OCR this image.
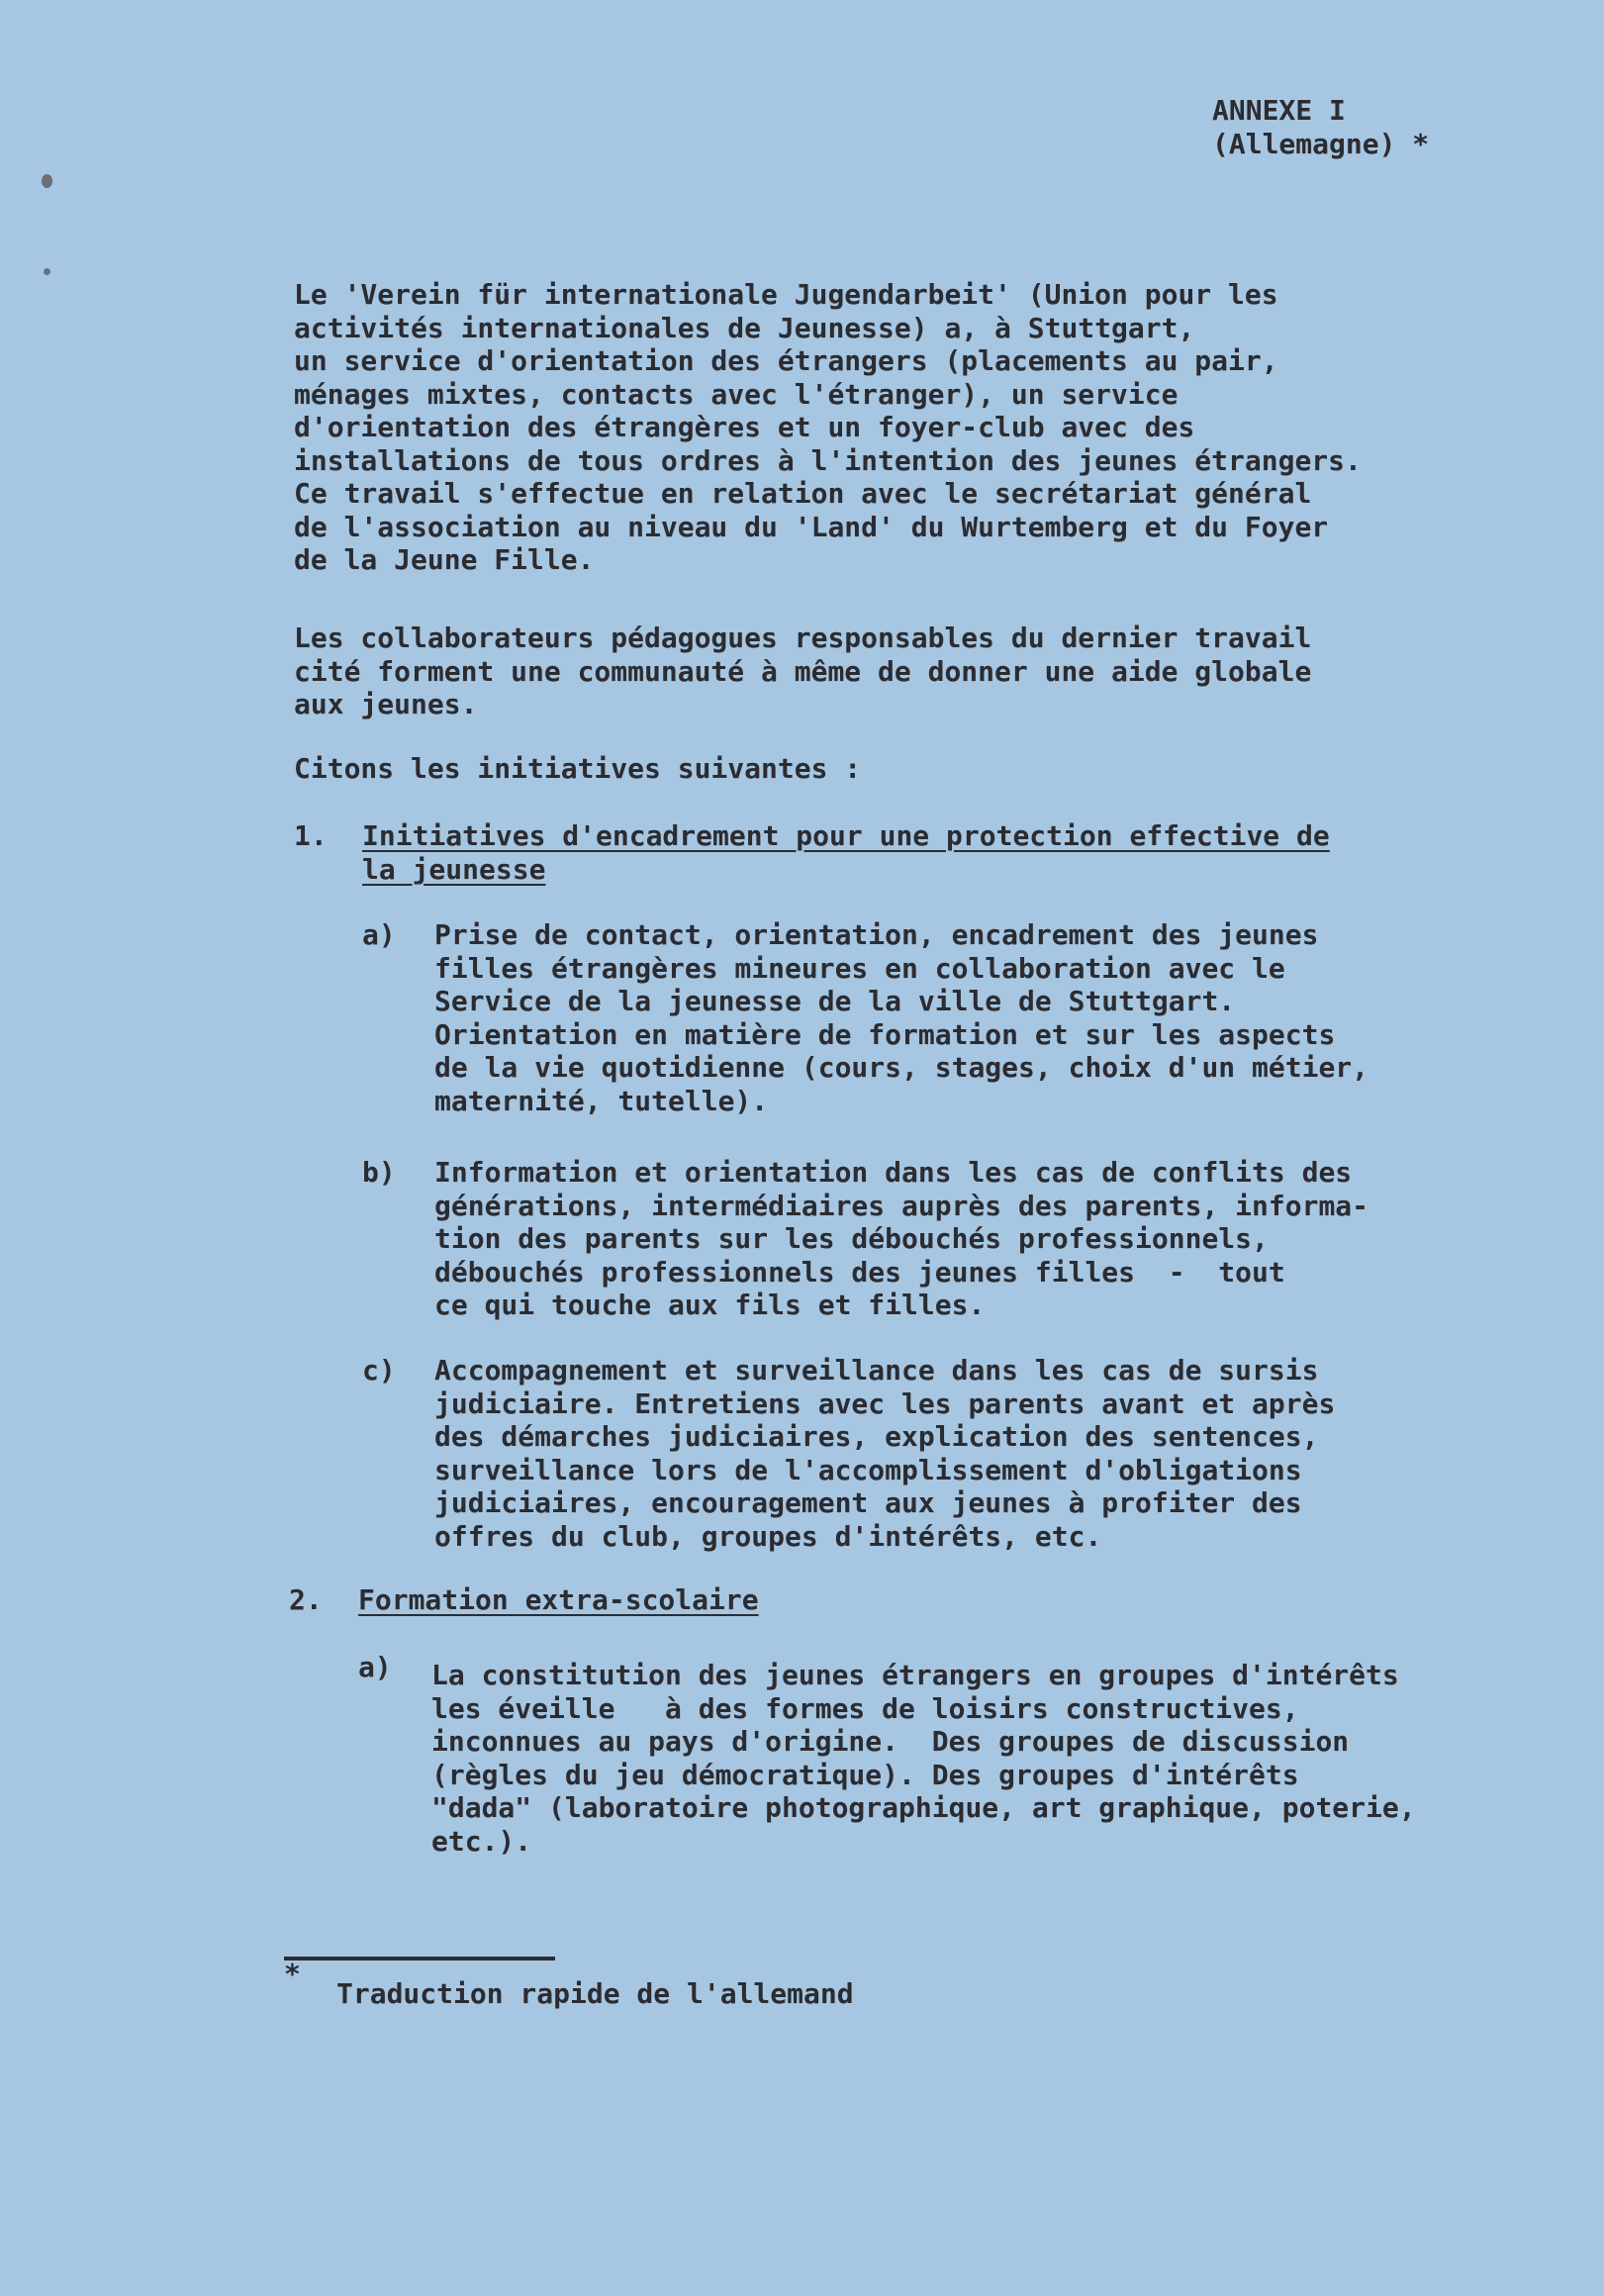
ANNEXE I
(Allemagne) *
Le 'Verein für internationale Jugendarbeit' (Union pour les
activités internationales de Jeunesse) a, à Stuttgart,
un service d'orientation des étrangers (placements au pair,
ménages mixtes, contacts avec l'étranger), un service
d'orientation des étrangères et un foyer-club avec des
installations de tous ordres à l'intention des jeunes étrangers.
Ce travail s'effectue en relation avec le secrétariat général
de l'association au niveau du 'Land' du Wurtemberg et du Foyer
de la Jeune Fille.
Les collaborateurs pédagogues responsables du dernier travail
cité forment une communauté à même de donner une aide globale
aux jeunes.
Citons les initiatives suivantes :
1. Initiatives d'encadrement pour une protection effective de
la jeunesse
a) Prise de contact, orientation, encadrement des jeunes
filles étrangères mineures en collaboration avec le
Service de la jeunesse de la ville de Stuttgart.
Orientation en matière de formation et sur les aspects
de la vie quotidienne (cours, stages, choix d'un métier,
maternité, tutelle).
b) Information et orientation dans les cas de conflits des
générations, intermédiaires auprès des parents, informa-
tion des parents sur les débouchés professionnels,
débouchés professionnels des jeunes filles  -  tout
ce qui touche aux fils et filles.
c) Accompagnement et surveillance dans les cas de sursis
judiciaire. Entretiens avec les parents avant et après
des démarches judiciaires, explication des sentences,
surveillance lors de l'accomplissement d'obligations
judiciaires, encouragement aux jeunes à profiter des
offres du club, groupes d'intérêts, etc.
2. Formation extra-scolaire
a) La constitution des jeunes étrangers en groupes d'intérêts
les éveille   à des formes de loisirs constructives,
inconnues au pays d'origine.  Des groupes de discussion
(règles du jeu démocratique). Des groupes d'intérêts
"dada" (laboratoire photographique, art graphique, poterie,
etc.).
*
Traduction rapide de l'allemand
